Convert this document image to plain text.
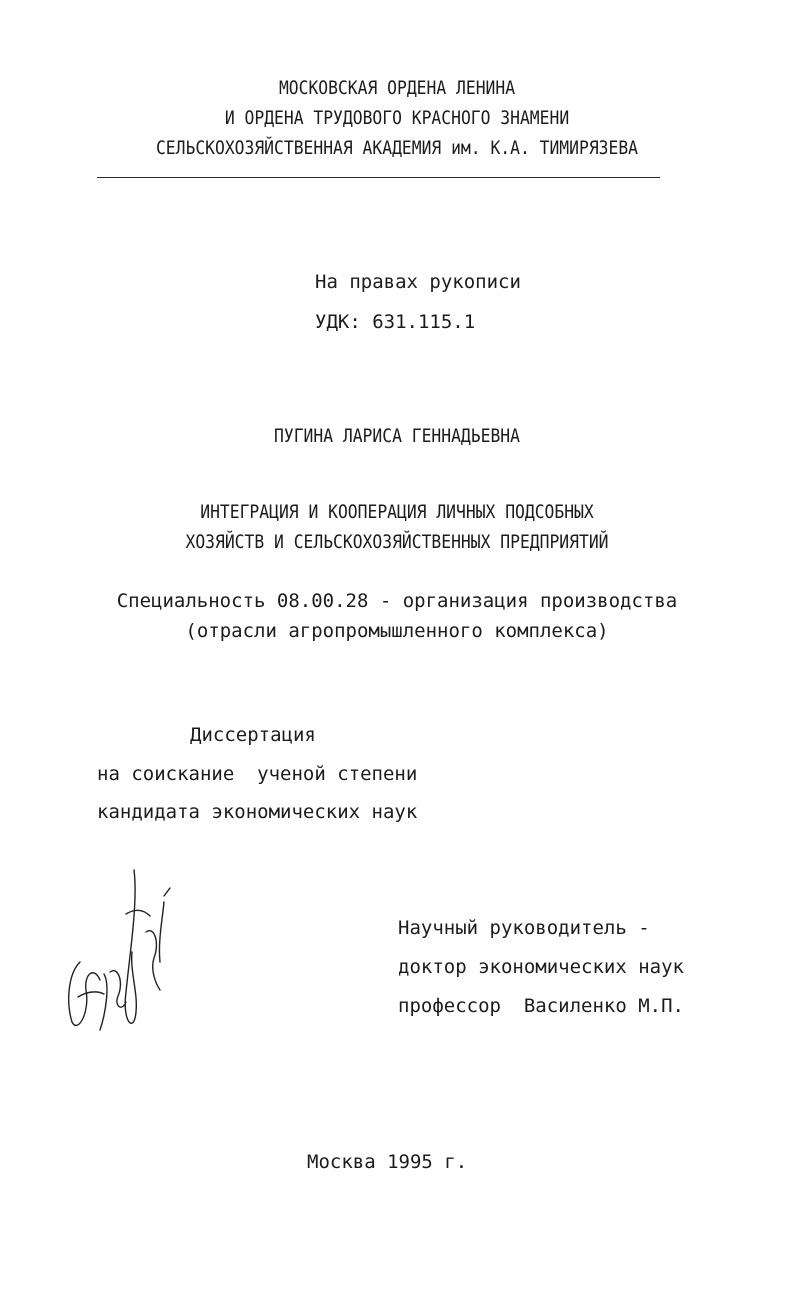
МОСКОВСКАЯ ОРДЕНА ЛЕНИНА
И ОРДЕНА ТРУДОВОГО КРАСНОГО ЗНАМЕНИ
СЕЛЬСКОХОЗЯЙСТВЕННАЯ АКАДЕМИЯ им. К.А. ТИМИРЯЗЕВА
На правах рукописи
УДК: 631.115.1
ПУГИНА ЛАРИСА ГЕННАДЬЕВНА
ИНТЕГРАЦИЯ И КООПЕРАЦИЯ ЛИЧНЫХ ПОДСОБНЫХ
ХОЗЯЙСТВ И СЕЛЬСКОХОЗЯЙСТВЕННЫХ ПРЕДПРИЯТИЙ
Специальность 08.00.28 - организация производства
(отрасли агропромышленного комплекса)
Диссертация
на соискание  ученой степени
кандидата экономических наук
Научный руководитель -
доктор экономических наук
профессор  Василенко М.П.
Москва 1995 г.
